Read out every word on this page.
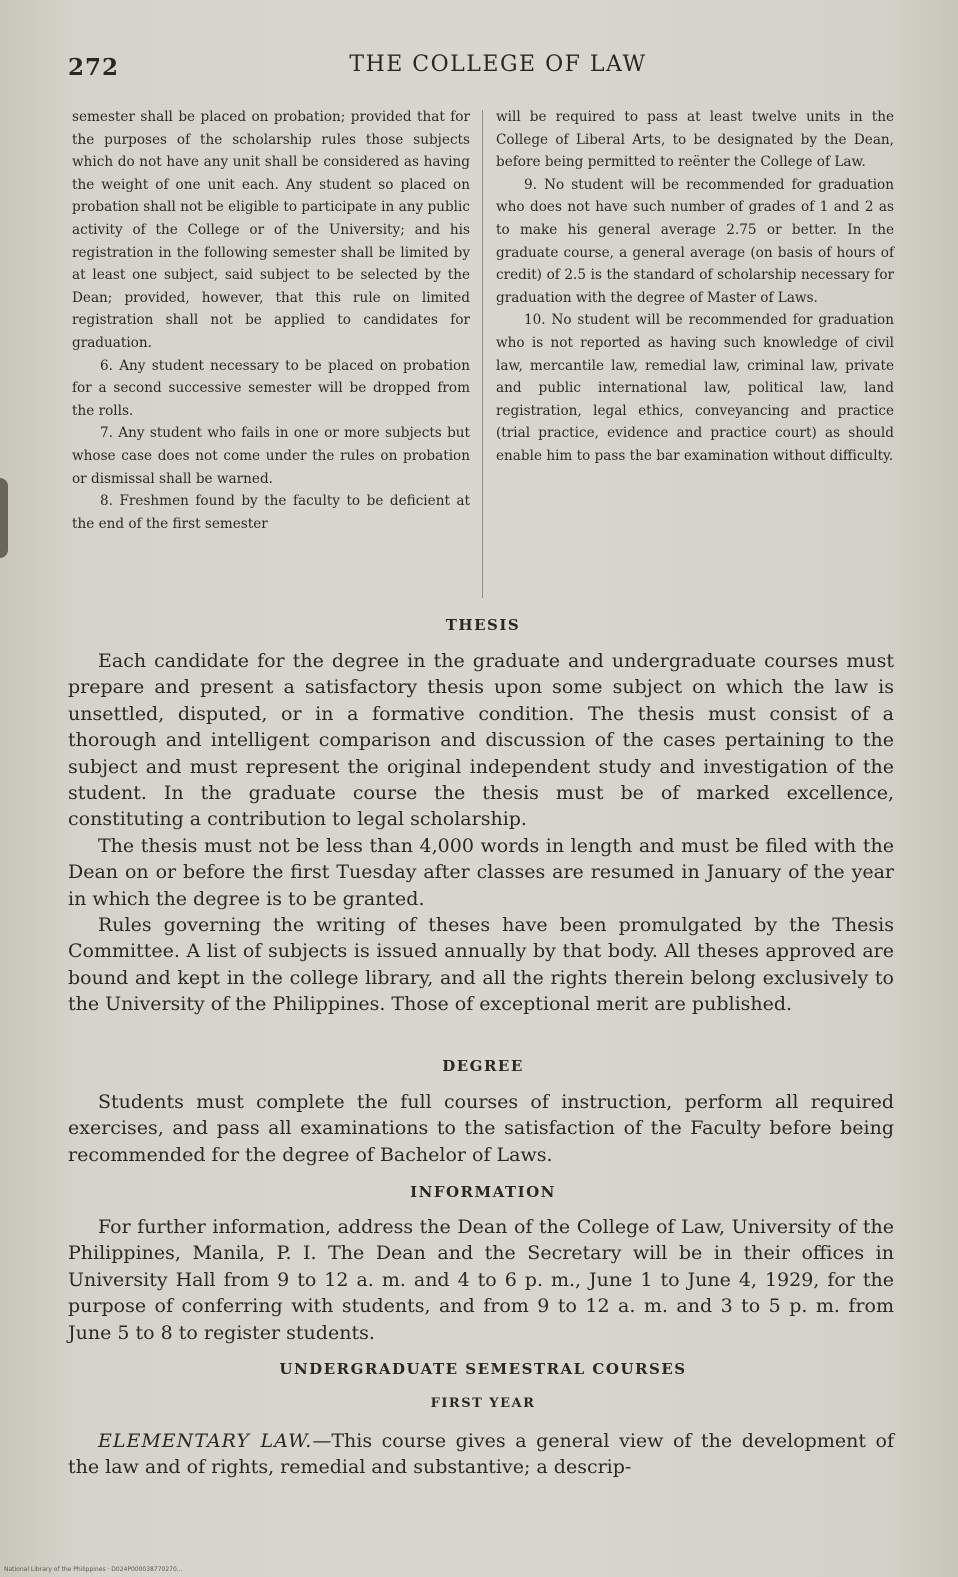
272	THE COLLEGE OF LAW

semester shall be placed on probation; provided that for the purposes of the scholarship rules those subjects which do not have any unit shall be considered as having the weight of one unit each. Any student so placed on probation shall not be eligible to participate in any public activity of the College or of the University; and his registration in the following semester shall be limited by at least one subject, said subject to be selected by the Dean; provided, however, that this rule on limited registration shall not be applied to candidates for graduation.

6. Any student necessary to be placed on probation for a second successive semester will be dropped from the rolls.

7. Any student who fails in one or more subjects but whose case does not come under the rules on probation or dismissal shall be warned.

8. Freshmen found by the faculty to be deficient at the end of the first semester

will be required to pass at least twelve units in the College of Liberal Arts, to be designated by the Dean, before being permitted to reënter the College of Law.

9. No student will be recommended for graduation who does not have such number of grades of 1 and 2 as to make his general average 2.75 or better. In the graduate course, a general average (on basis of hours of credit) of 2.5 is the standard of scholarship necessary for graduation with the degree of Master of Laws.

10. No student will be recommended for graduation who is not reported as having such knowledge of civil law, mercantile law, remedial law, criminal law, private and public international law, political law, land registration, legal ethics, conveyancing and practice (trial practice, evidence and practice court) as should enable him to pass the bar examination without difficulty.

THESIS

Each candidate for the degree in the graduate and undergraduate courses must prepare and present a satisfactory thesis upon some subject on which the law is unsettled, disputed, or in a formative condition. The thesis must consist of a thorough and intelligent comparison and discussion of the cases pertaining to the subject and must represent the original independent study and investigation of the student. In the graduate course the thesis must be of marked excellence, constituting a contribution to legal scholarship.

The thesis must not be less than 4,000 words in length and must be filed with the Dean on or before the first Tuesday after classes are resumed in January of the year in which the degree is to be granted.

Rules governing the writing of theses have been promulgated by the Thesis Committee. A list of subjects is issued annually by that body. All theses approved are bound and kept in the college library, and all the rights therein belong exclusively to the University of the Philippines. Those of exceptional merit are published.

DEGREE

Students must complete the full courses of instruction, perform all required exercises, and pass all examinations to the satisfaction of the Faculty before being recommended for the degree of Bachelor of Laws.

INFORMATION

For further information, address the Dean of the College of Law, University of the Philippines, Manila, P. I. The Dean and the Secretary will be in their offices in University Hall from 9 to 12 a. m. and 4 to 6 p. m., June 1 to June 4, 1929, for the purpose of conferring with students, and from 9 to 12 a. m. and 3 to 5 p. m. from June 5 to 8 to register students.

UNDERGRADUATE SEMESTRAL COURSES
FIRST YEAR

ELEMENTARY LAW.—This course gives a general view of the development of the law and of rights, remedial and substantive; a descrip-

National Library of the Philippines · D024P000038770270...
